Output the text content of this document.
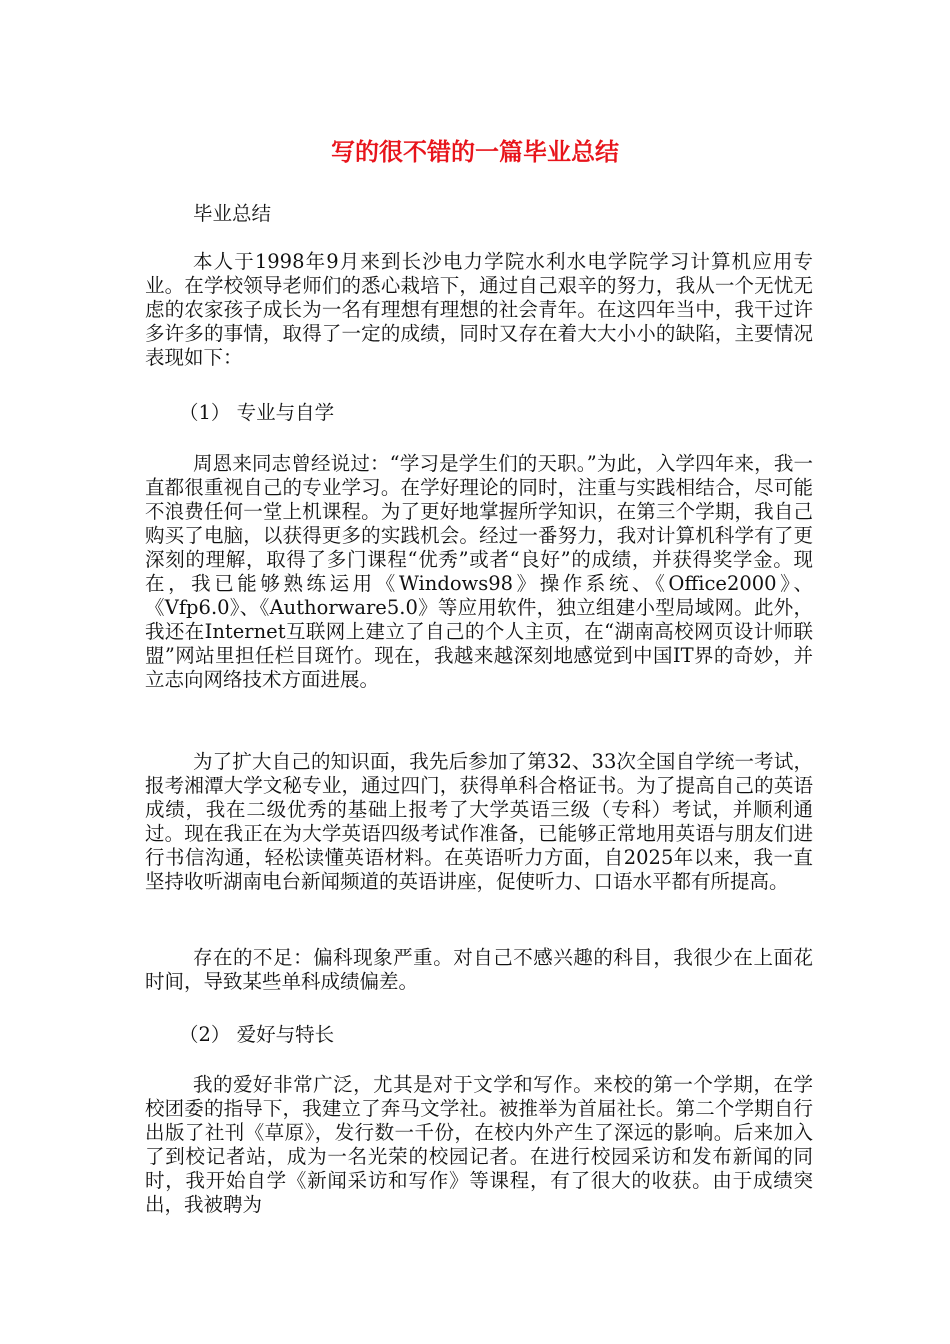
写的很不错的一篇毕业总结

毕业总结

本人于1998年9月来到长沙电力学院水利水电学院学习计算机应用专业。在学校领导老师们的悉心栽培下，通过自己艰辛的努力，我从一个无忧无虑的农家孩子成长为一名有理想有理想的社会青年。在这四年当中，我干过许多许多的事情，取得了一定的成绩，同时又存在着大大小小的缺陷，主要情况表现如下：

（1） 专业与自学

周恩来同志曾经说过：“学习是学生们的天职。”为此，入学四年来，我一直都很重视自己的专业学习。在学好理论的同时，注重与实践相结合，尽可能不浪费任何一堂上机课程。为了更好地掌握所学知识，在第三个学期，我自己购买了电脑，以获得更多的实践机会。经过一番努力，我对计算机科学有了更深刻的理解，取得了多门课程“优秀”或者“良好”的成绩，并获得奖学金。现在，我已能够熟练运用《Windows98》操作系统、《Office2000》、《Vfp6.0》、《Authorware5.0》等应用软件，独立组建小型局域网。此外，我还在Internet互联网上建立了自己的个人主页，在“湖南高校网页设计师联盟”网站里担任栏目斑竹。现在，我越来越深刻地感觉到中国IT界的奇妙，并立志向网络技术方面进展。

为了扩大自己的知识面，我先后参加了第32、33次全国自学统一考试，报考湘潭大学文秘专业，通过四门，获得单科合格证书。为了提高自己的英语成绩，我在二级优秀的基础上报考了大学英语三级（专科）考试，并顺利通过。现在我正在为大学英语四级考试作准备，已能够正常地用英语与朋友们进行书信沟通，轻松读懂英语材料。在英语听力方面，自2025年以来，我一直坚持收听湖南电台新闻频道的英语讲座，促使听力、口语水平都有所提高。

存在的不足：偏科现象严重。对自己不感兴趣的科目，我很少在上面花时间，导致某些单科成绩偏差。

（2） 爱好与特长

我的爱好非常广泛，尤其是对于文学和写作。来校的第一个学期，在学校团委的指导下，我建立了奔马文学社。被推举为首届社长。第二个学期自行出版了社刊《草原》，发行数一千份，在校内外产生了深远的影响。后来加入了到校记者站，成为一名光荣的校园记者。在进行校园采访和发布新闻的同时，我开始自学《新闻采访和写作》等课程，有了很大的收获。由于成绩突出，我被聘为
